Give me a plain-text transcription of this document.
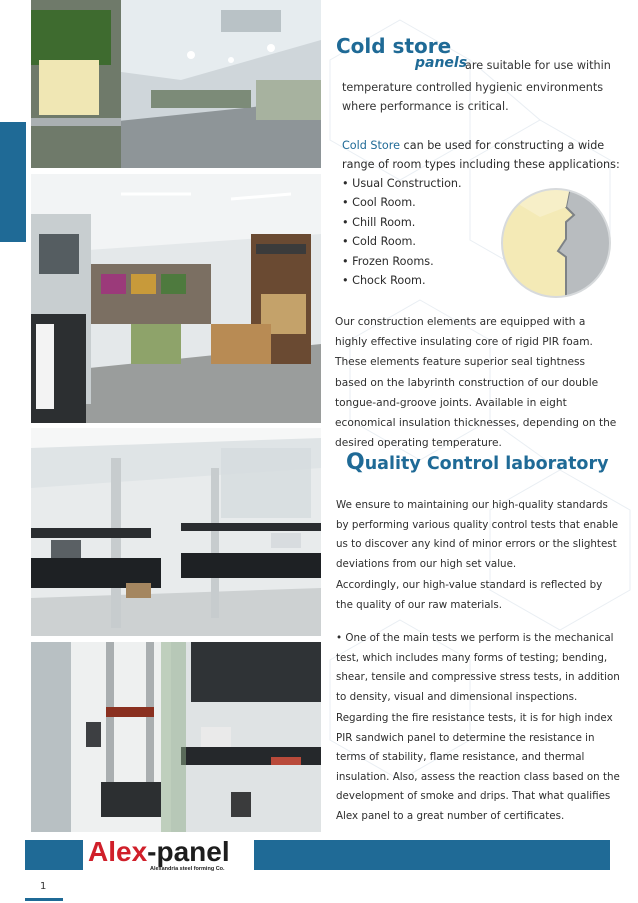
Cold store
panels
are suitable for use within
temperature controlled hygienic environments where performance is critical.
Cold Store can be used for constructing a wide range of room types including these applications:
• Usual Construction.
• Cool Room.
• Chill Room.
• Cold Room.
• Frozen Rooms.
• Chock Room.
Our construction elements are equipped with a highly effective insulating core of rigid PIR foam. These elements feature superior seal tightness based on the labyrinth construction of our double tongue-and-groove joints. Available in eight economical insulation thicknesses, depending on the desired operating temperature.
Quality Control laboratory
We ensure to maintaining our high-quality standards by performing various quality control tests that enable us to discover any kind of minor errors or the slightest deviations from our high set value.
Accordingly, our high-value standard is reflected by the quality of our raw materials.
• One of the main tests we perform is the mechanical test, which includes many forms of testing; bending, shear, tensile and compressive stress tests, in addition to density, visual and dimensional inspections.
Regarding the fire resistance tests, it is for high index PIR sandwich panel to determine the resistance in terms of stability, flame resistance, and thermal insulation. Also, assess the reaction class based on the development of smoke and drips. That what qualifies Alex panel to a great number of certificates.
Alex-panel
Alexandria steel forming Co.
1
